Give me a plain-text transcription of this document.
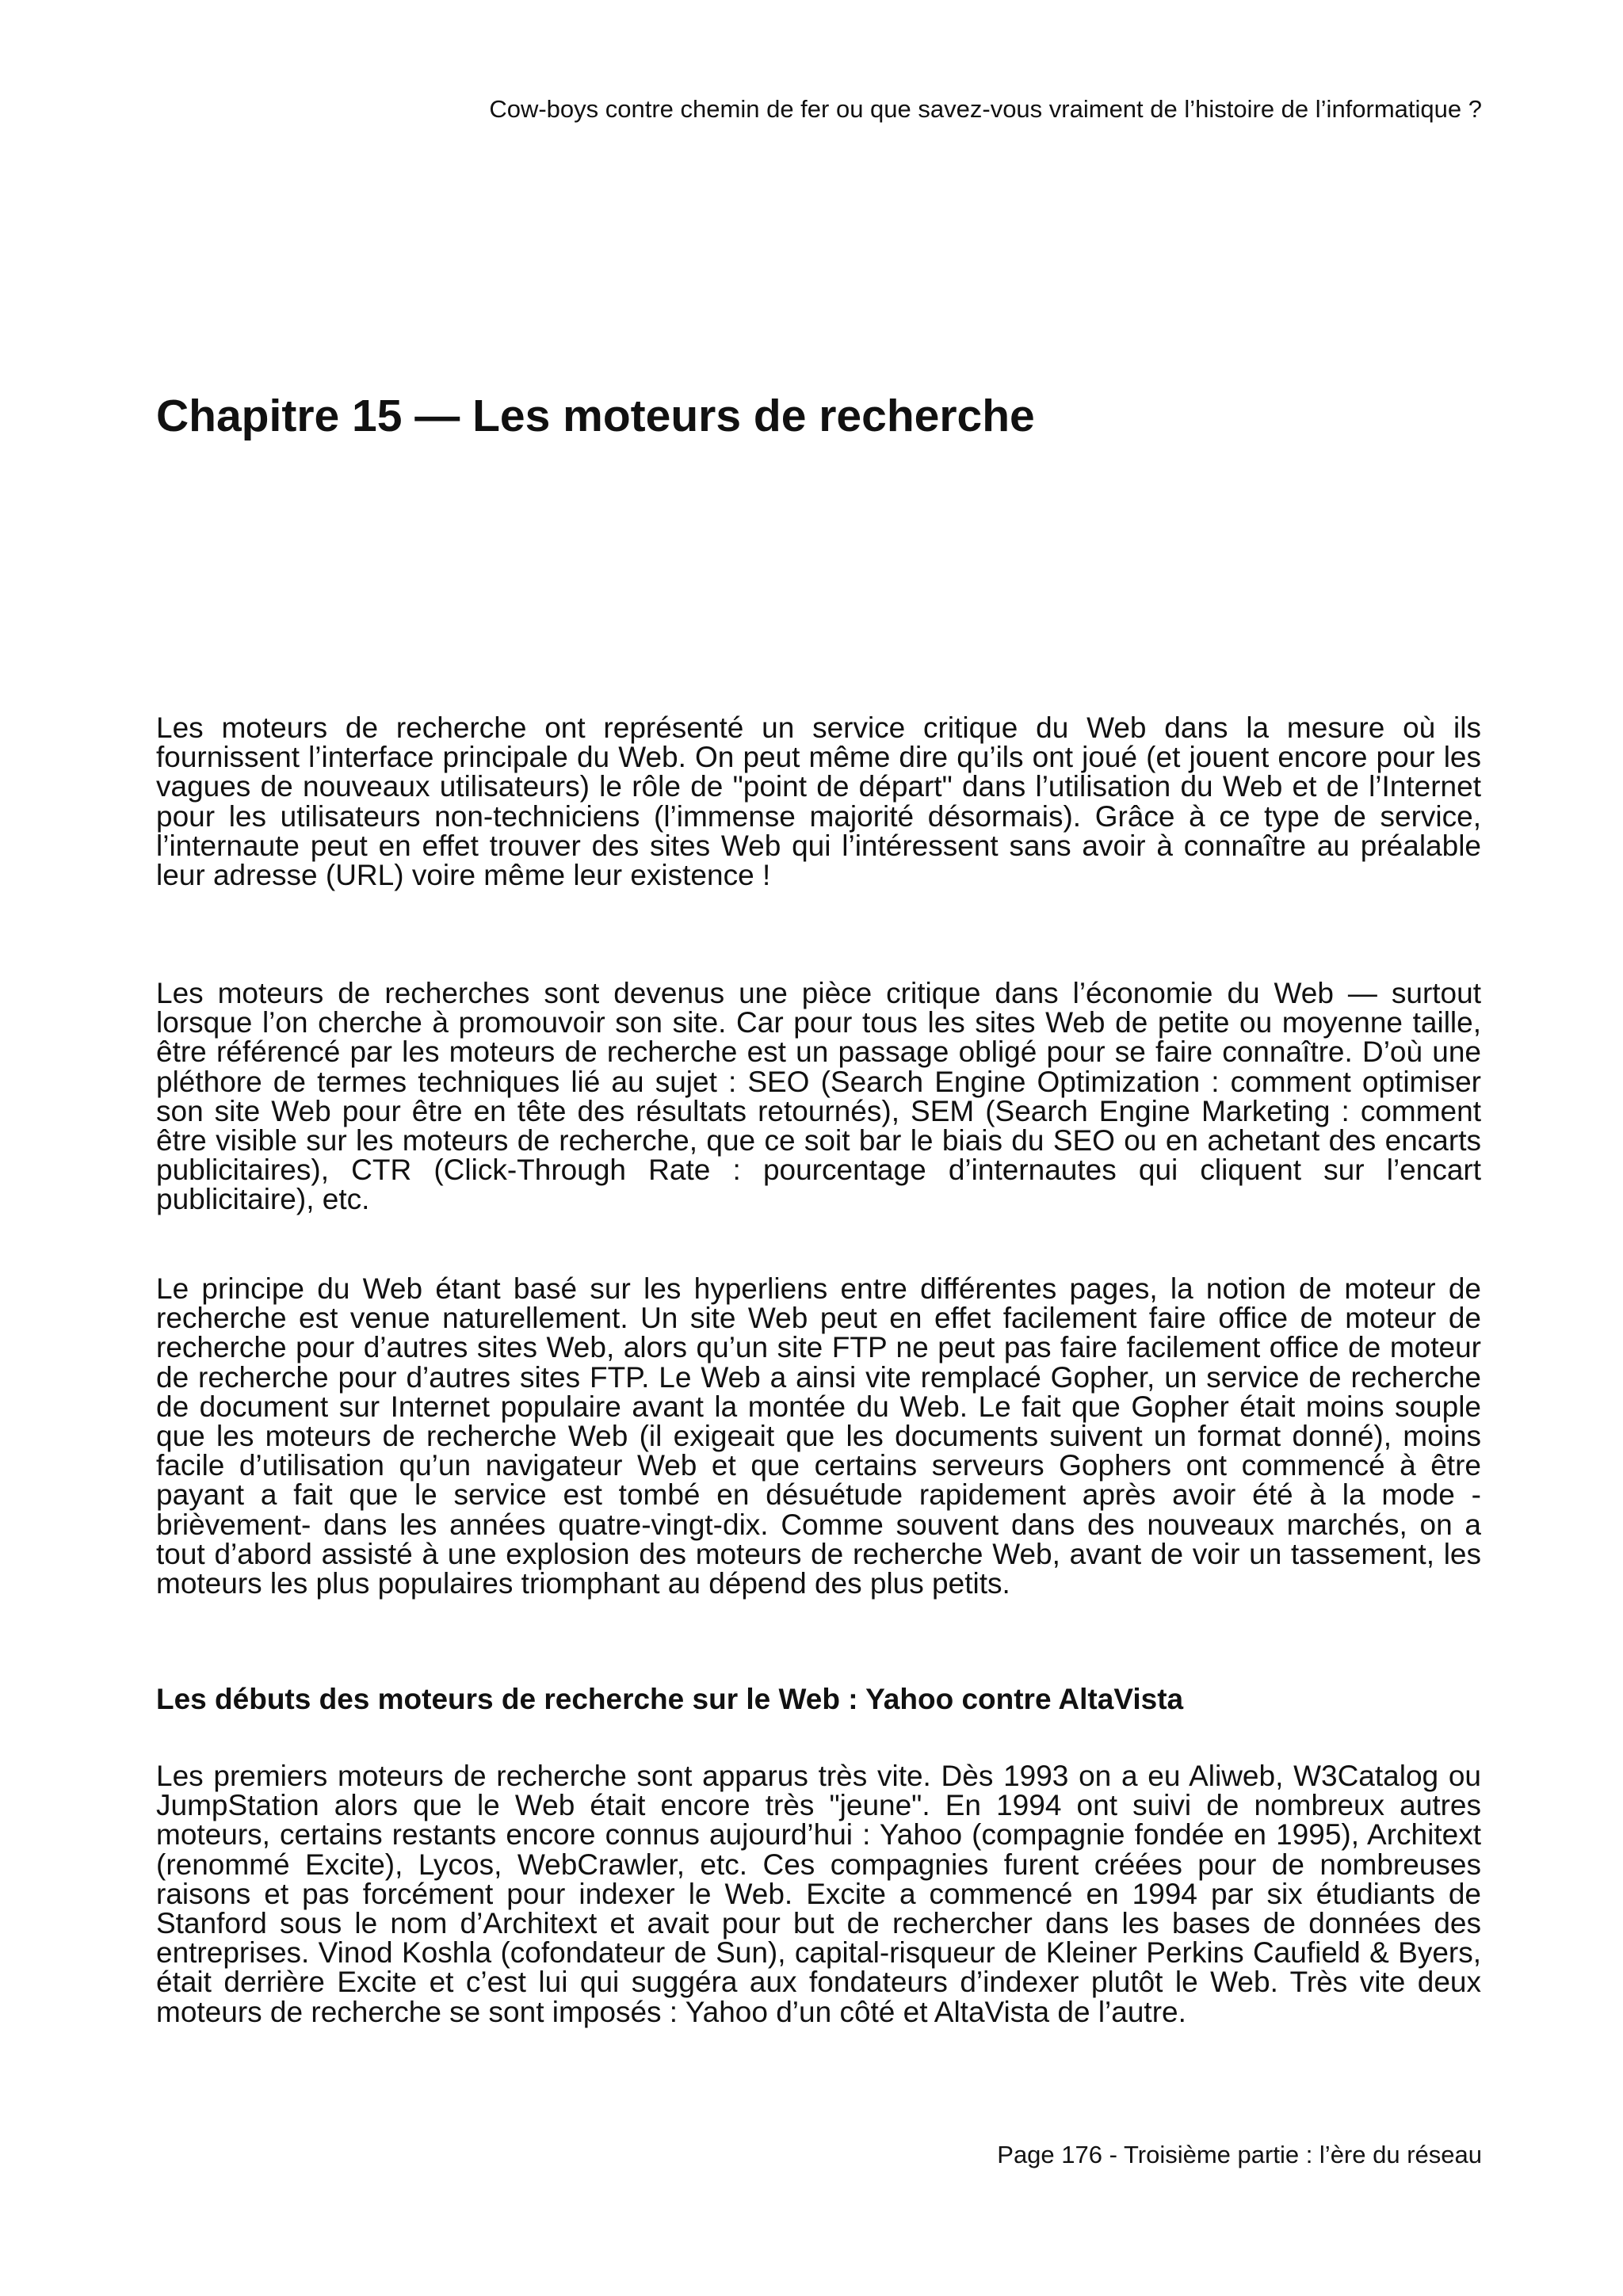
Cow-boys contre chemin de fer ou que savez-vous vraiment de l’histoire de l’informatique ?

Chapitre 15 — Les moteurs de recherche

Les moteurs de recherche ont représenté un service critique du Web dans la mesure où ils fournissent l’interface principale du Web. On peut même dire qu’ils ont joué (et jouent encore pour les vagues de nouveaux utilisateurs) le rôle de "point de départ" dans l’utilisation du Web et de l’Internet pour les utilisateurs non-techniciens (l’immense majorité désormais). Grâce à ce type de service, l’internaute peut en effet trouver des sites Web qui l’intéressent sans avoir à connaître au préalable leur adresse (URL) voire même leur existence !

Les moteurs de recherches sont devenus une pièce critique dans l’économie du Web — surtout lorsque l’on cherche à promouvoir son site. Car pour tous les sites Web de petite ou moyenne taille, être référencé par les moteurs de recherche est un passage obligé pour se faire connaître. D’où une pléthore de termes techniques lié au sujet : SEO (Search Engine Optimization : comment optimiser son site Web pour être en tête des résultats retournés), SEM (Search Engine Marketing : comment être visible sur les moteurs de recherche, que ce soit bar le biais du SEO ou en achetant des encarts publicitaires), CTR (Click-Through Rate : pourcentage d’internautes qui cliquent sur l’encart publicitaire), etc.

Le principe du Web étant basé sur les hyperliens entre différentes pages, la notion de moteur de recherche est venue naturellement. Un site Web peut en effet facilement faire office de moteur de recherche pour d’autres sites Web, alors qu’un site FTP ne peut pas faire facilement office de moteur de recherche pour d’autres sites FTP. Le Web a ainsi vite remplacé Gopher, un service de recherche de document sur Internet populaire avant la montée du Web. Le fait que Gopher était moins souple que les moteurs de recherche Web (il exigeait que les documents suivent un format donné), moins facile d’utilisation qu’un navigateur Web et que certains serveurs Gophers ont commencé à être payant a fait que le service est tombé en désuétude rapidement après avoir été à la mode -brièvement- dans les années quatre-vingt-dix. Comme souvent dans des nouveaux marchés, on a tout d’abord assisté à une explosion des moteurs de recherche Web, avant de voir un tassement, les moteurs les plus populaires triomphant au dépend des plus petits.

Les débuts des moteurs de recherche sur le Web : Yahoo contre AltaVista

Les premiers moteurs de recherche sont apparus très vite. Dès 1993 on a eu Aliweb, W3Catalog ou JumpStation alors que le Web était encore très "jeune". En 1994 ont suivi de nombreux autres moteurs, certains restants encore connus aujourd’hui : Yahoo (compagnie fondée en 1995), Architext (renommé Excite), Lycos, WebCrawler, etc. Ces compagnies furent créées pour de nombreuses raisons et pas forcément pour indexer le Web. Excite a commencé en 1994 par six étudiants de Stanford sous le nom d’Architext et avait pour but de rechercher dans les bases de données des entreprises. Vinod Koshla (cofondateur de Sun), capital-risqueur de Kleiner Perkins Caufield & Byers, était derrière Excite et c’est lui qui suggéra aux fondateurs d’indexer plutôt le Web. Très vite deux moteurs de recherche se sont imposés : Yahoo d’un côté et AltaVista de l’autre.

Page 176 - Troisième partie : l’ère du réseau
